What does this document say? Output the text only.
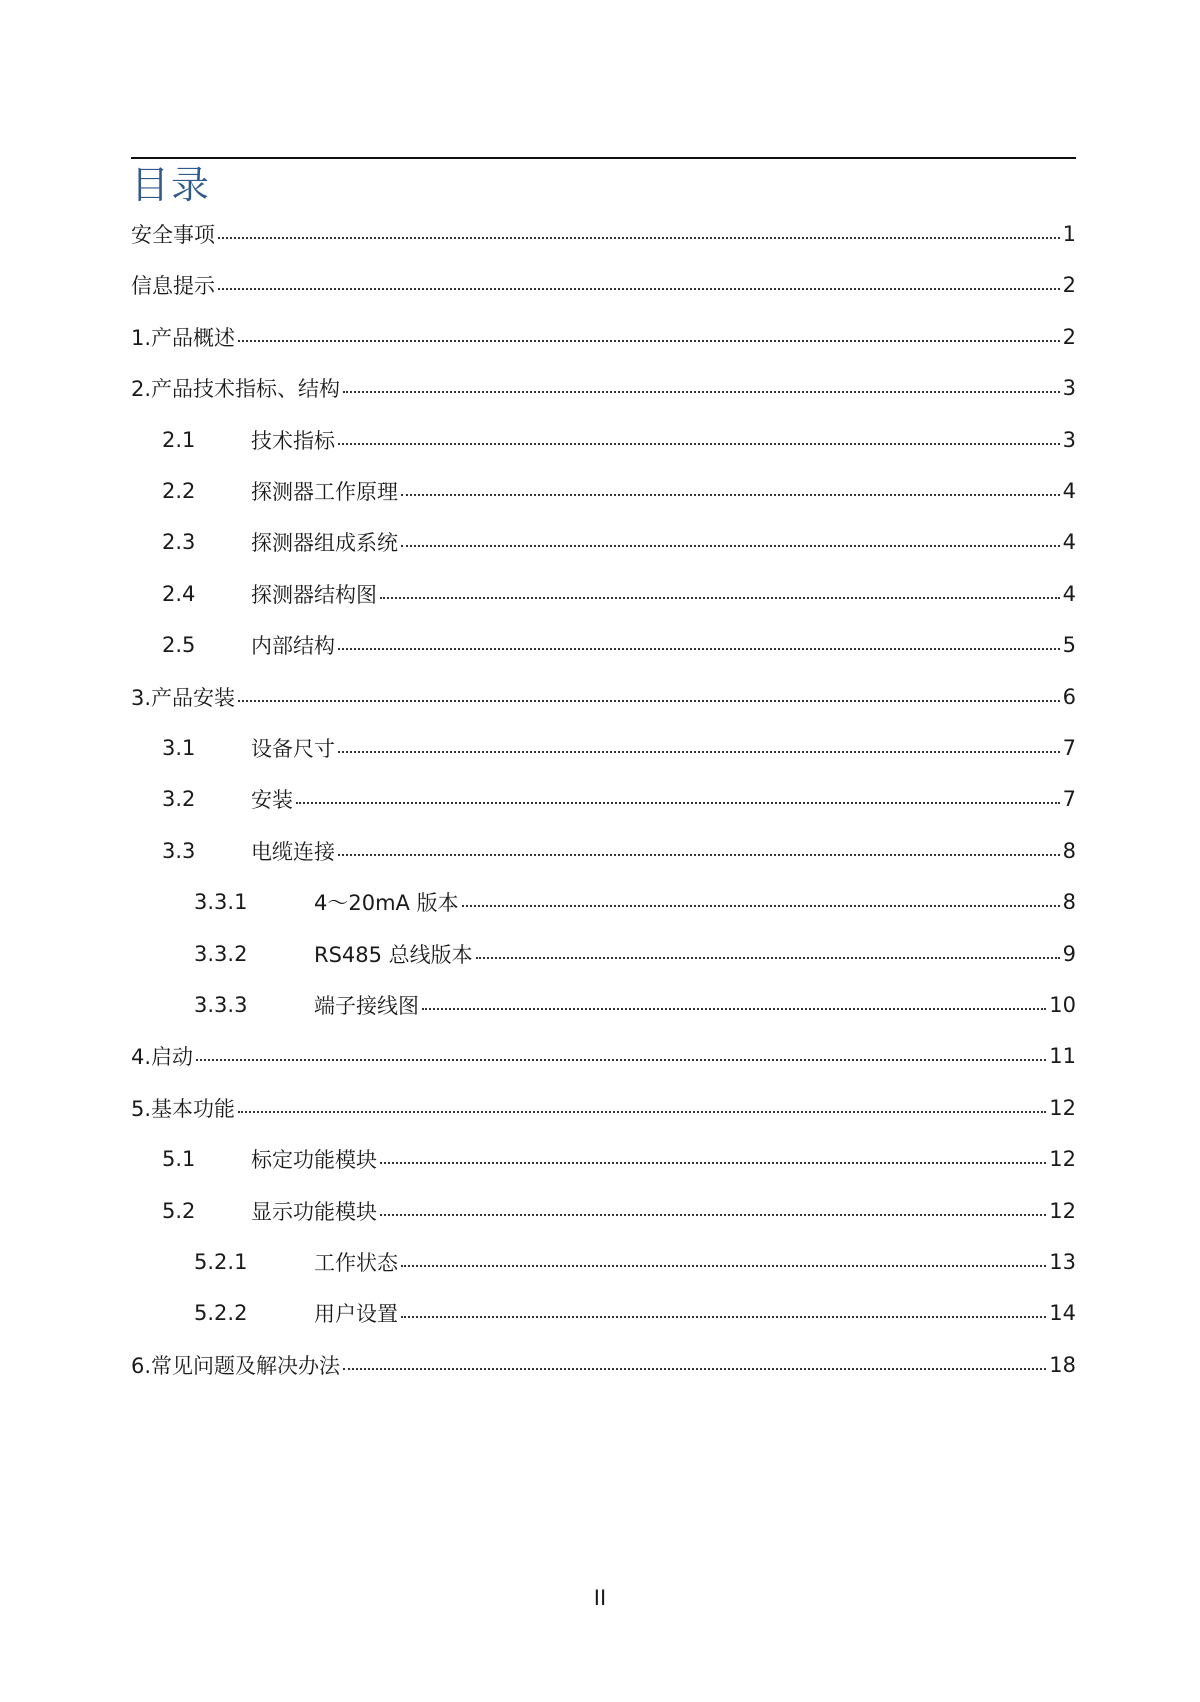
目录
安全事项	1
信息提示	2
1.产品概述	2
2.产品技术指标、结构	3
2.1	技术指标	3
2.2	探测器工作原理	4
2.3	探测器组成系统	4
2.4	探测器结构图	4
2.5	内部结构	5
3.产品安装	6
3.1	设备尺寸	7
3.2	安装	7
3.3	电缆连接	8
3.3.1	4～20mA 版本	8
3.3.2	RS485 总线版本	9
3.3.3	端子接线图	10
4.启动	11
5.基本功能	12
5.1	标定功能模块	12
5.2	显示功能模块	12
5.2.1	工作状态	13
5.2.2	用户设置	14
6.常见问题及解决办法	18
II
